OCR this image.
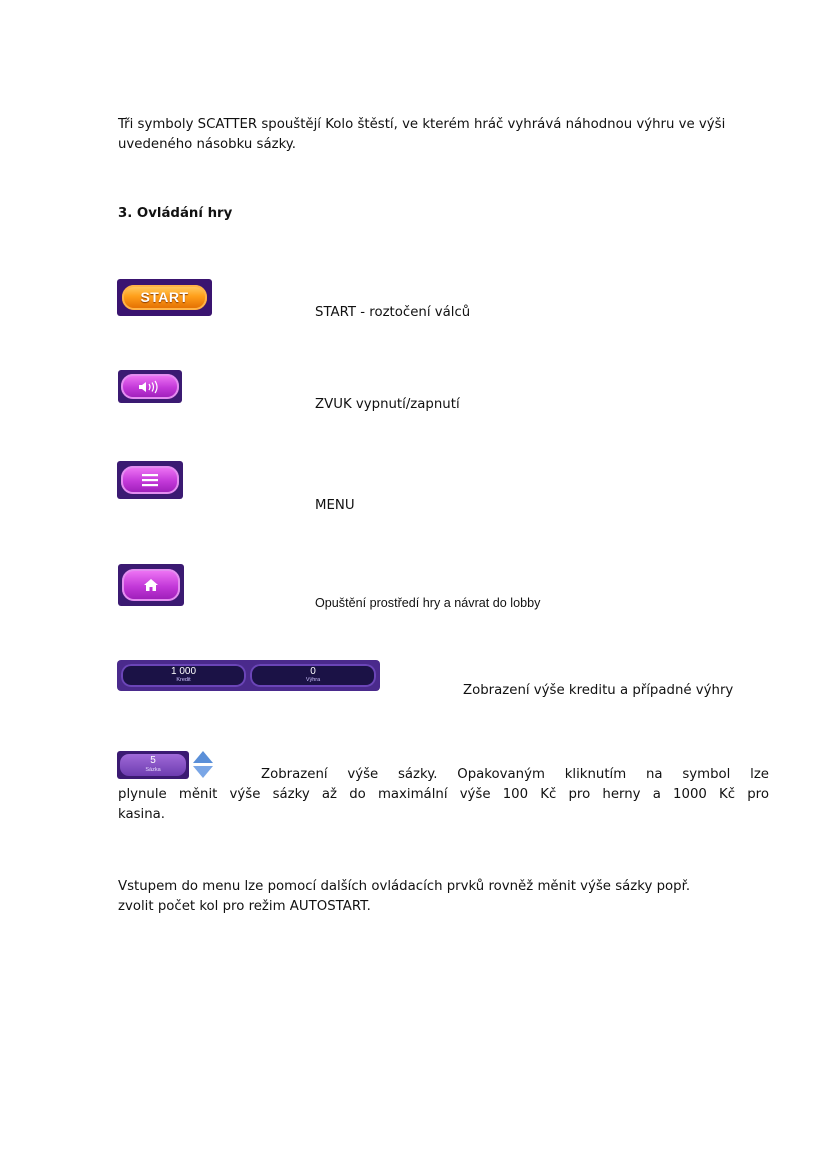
Tři symboly SCATTER spouštějí Kolo štěstí, ve kterém hráč vyhrává náhodnou výhru ve výši uvedeného násobku sázky.
3. Ovládání hry
START
START - roztočení válců
ZVUK vypnutí/zapnutí
MENU
Opuštění prostředí hry a návrat do lobby
1 000
Kredit
0
Výhra
Zobrazení výše kreditu a případné výhry
5
Sázka	Zobrazení výše sázky. Opakovaným kliknutím na symbol lze
plynule měnit výše sázky až do maximální výše 100 Kč pro herny a 1000 Kč pro
kasina.
Vstupem do menu lze pomocí dalších ovládacích prvků rovněž měnit výše sázky popř.
zvolit počet kol pro režim AUTOSTART.
